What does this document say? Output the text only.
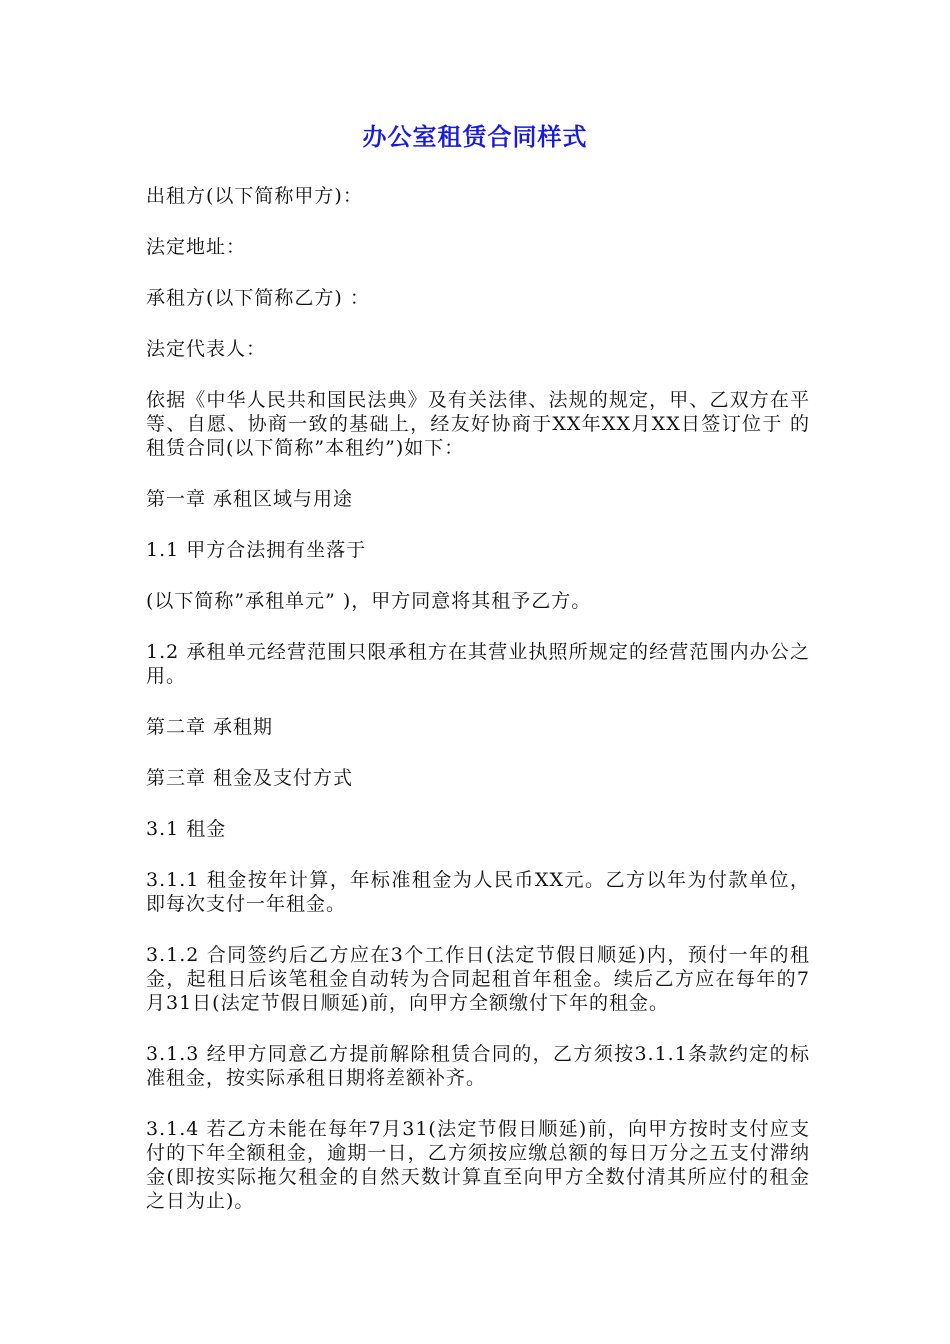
办公室租赁合同样式

出租方(以下简称甲方)：

法定地址：

承租方(以下简称乙方) ：

法定代表人：

依据《中华人民共和国民法典》及有关法律、法规的规定，甲、乙双方在平等、自愿、协商一致的基础上，经友好协商于XX年XX月XX日签订位于 的租赁合同(以下简称”本租约”)如下：

第一章 承租区域与用途

1.1 甲方合法拥有坐落于

(以下简称”承租单元” )，甲方同意将其租予乙方。

1.2 承租单元经营范围只限承租方在其营业执照所规定的经营范围内办公之用。

第二章 承租期

第三章 租金及支付方式

3.1 租金

3.1.1 租金按年计算，年标准租金为人民币XX元。乙方以年为付款单位，即每次支付一年租金。

3.1.2 合同签约后乙方应在3个工作日(法定节假日顺延)内，预付一年的租金，起租日后该笔租金自动转为合同起租首年租金。续后乙方应在每年的7月31日(法定节假日顺延)前，向甲方全额缴付下年的租金。

3.1.3 经甲方同意乙方提前解除租赁合同的，乙方须按3.1.1条款约定的标准租金，按实际承租日期将差额补齐。

3.1.4 若乙方未能在每年7月31(法定节假日顺延)前，向甲方按时支付应支付的下年全额租金，逾期一日，乙方须按应缴总额的每日万分之五支付滞纳金(即按实际拖欠租金的自然天数计算直至向甲方全数付清其所应付的租金之日为止)。
